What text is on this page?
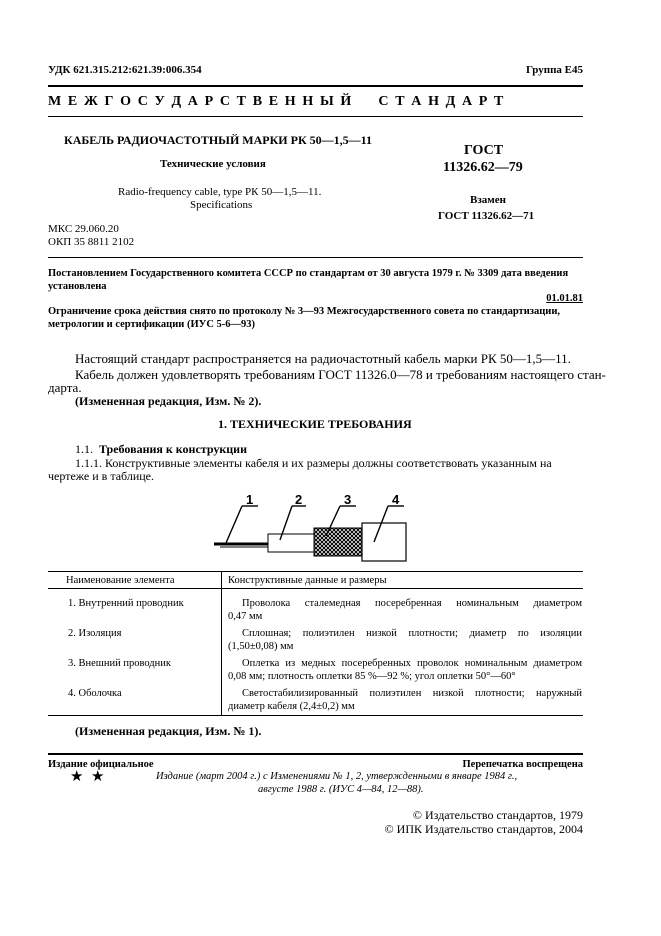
УДК 621.315.212:621.39:006.354	Группа Е45
М Е Ж Г О С У Д А Р С Т В Е Н Н Ы Й     С Т А Н Д А Р Т
КАБЕЛЬ РАДИОЧАСТОТНЫЙ МАРКИ РК 50—1,5—11
Технические условия
Radio-frequency cable, type РК 50—1,5—11.
Specifications
ГОСТ
11326.62—79
Взамен
ГОСТ 11326.62—71
МКС 29.060.20
ОКП 35 8811 2102
Постановлением Государственного комитета СССР по стандартам от 30 августа 1979 г. № 3309 дата введения
установлена
01.01.81
Ограничение срока действия снято по протоколу № 3—93 Межгосударственного совета по стандартизации,
метрологии и сертификации (ИУС 5-6—93)
Настоящий стандарт распространяется на радиочастотный кабель марки РК 50—1,5—11.
Кабель должен удовлетворять требованиям ГОСТ 11326.0—78 и требованиям настоящего стан-
дарта.
(Измененная редакция, Изм. № 2).
1. ТЕХНИЧЕСКИЕ ТРЕБОВАНИЯ
1.1. Требования к конструкции
1.1.1. Конструктивные элементы кабеля и их размеры должны соответствовать указанным на
чертеже и в таблице.
1	2	3	4
Наименование элемента	Конструктивные данные и размеры
1. Внутренний проводник	Проволока сталемедная посеребренная номинальным диаметром
0,47 мм
2. Изоляция	Сплошная; полиэтилен низкой плотности; диаметр по изоляции
(1,50±0,08) мм
3. Внешний проводник	Оплетка из медных посеребренных проволок номинальным диаметром
0,08 мм; плотность оплетки 85 %—92 %; угол оплетки 50°—60°
4. Оболочка	Светостабилизированный полиэтилен низкой плотности; наружный
диаметр кабеля (2,4±0,2) мм
(Измененная редакция, Изм. № 1).
Издание официальное	Перепечатка воспрещена
★  ★	Издание (март 2004 г.) с Изменениями № 1, 2, утвержденными в январе 1984 г.,
августе 1988 г. (ИУС 4—84, 12—88).
© Издательство стандартов, 1979
© ИПК Издательство стандартов, 2004
